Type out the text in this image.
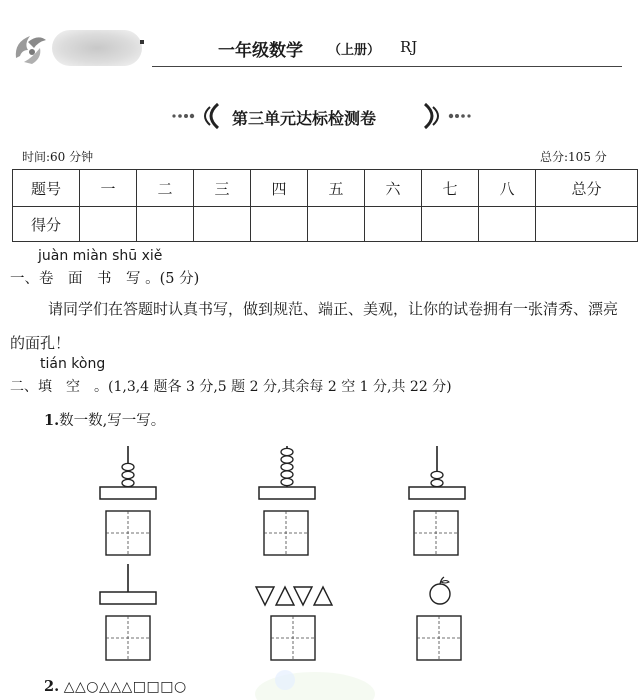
一年级数学 （上册） RJ
第三单元达标检测卷
时间:60 分钟	总分:105 分
题号	一	二	三	四	五	六	七	八	总分
得分									
juàn miàn shū xiě
一、卷　面　书　写 。(5 分)
请同学们在答题时认真书写，做到规范、端正、美观，让你的试卷拥有一张清秀、漂亮的面孔！
tián kòng
二、填　空　。(1,3,4 题各 3 分,5 题 2 分,其余每 2 空 1 分,共 22 分)
1.数一数,写一写。
2. △△○△△△□□□○
